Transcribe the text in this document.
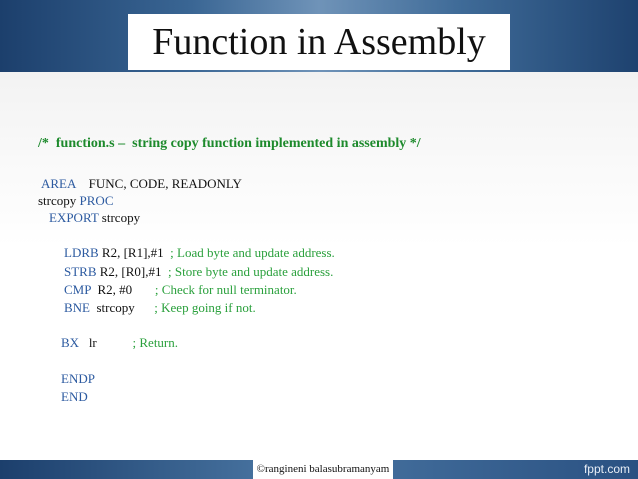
Function in Assembly
/*  function.s –  string copy function implemented in assembly */
AREA FUNC, CODE, READONLY
strcopy PROC
EXPORT strcopy
LDRB R2, [R1],#1 ; Load byte and update address.
STRB R2, [R0],#1 ; Store byte and update address.
CMP R2, #0 ; Check for null terminator.
BNE strcopy ; Keep going if not.
BX lr	; Return.
ENDP
END
©rangineni balasubramanyam	fppt.com
